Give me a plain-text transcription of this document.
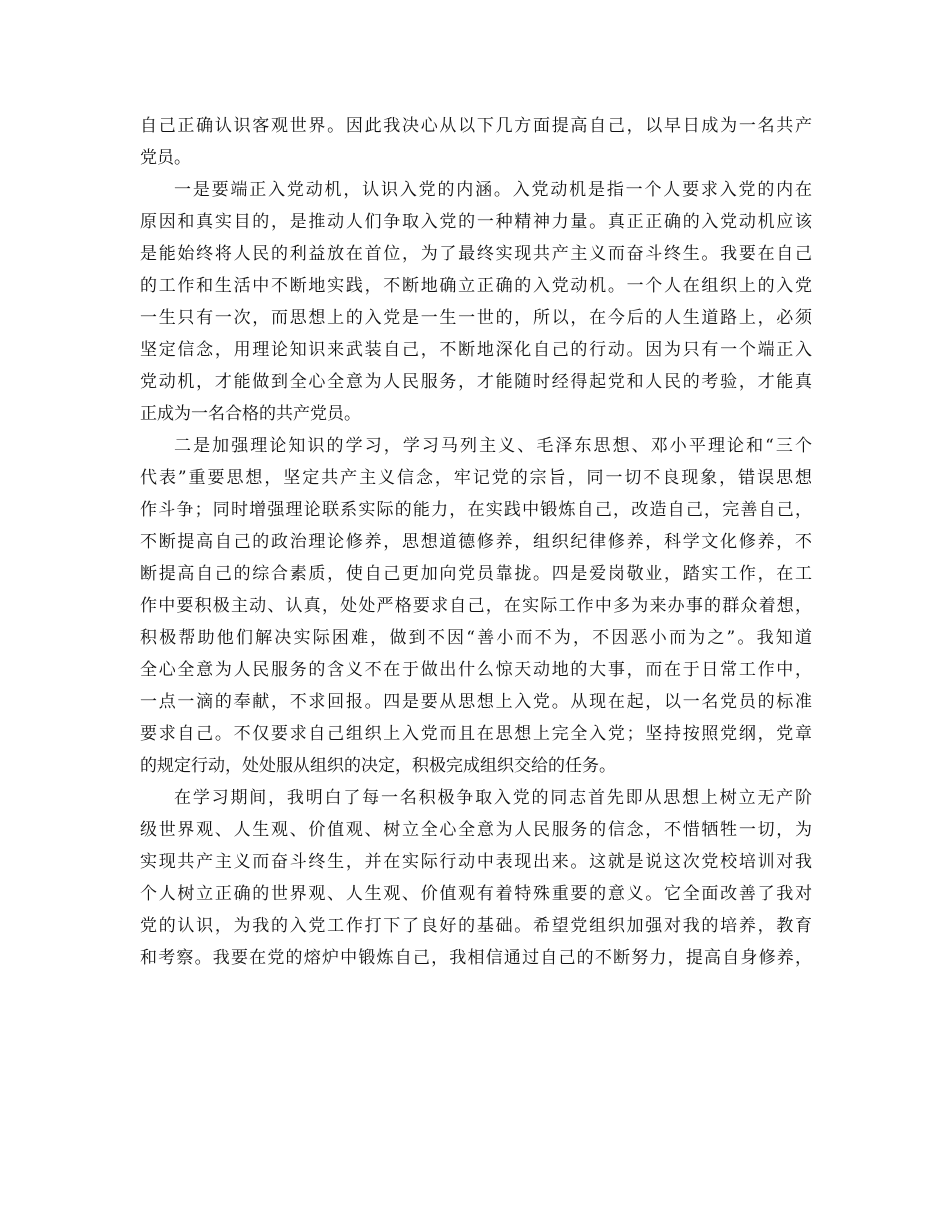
自己正确认识客观世界。因此我决心从以下几方面提高自己，以早日成为一名共产
党员。
一是要端正入党动机，认识入党的内涵。入党动机是指一个人要求入党的内在
原因和真实目的，是推动人们争取入党的一种精神力量。真正正确的入党动机应该
是能始终将人民的利益放在首位，为了最终实现共产主义而奋斗终生。我要在自己
的工作和生活中不断地实践，不断地确立正确的入党动机。一个人在组织上的入党
一生只有一次，而思想上的入党是一生一世的，所以，在今后的人生道路上，必须
坚定信念，用理论知识来武装自己，不断地深化自己的行动。因为只有一个端正入
党动机，才能做到全心全意为人民服务，才能随时经得起党和人民的考验，才能真
正成为一名合格的共产党员。
二是加强理论知识的学习，学习马列主义、毛泽东思想、邓小平理论和“三个
代表”重要思想，坚定共产主义信念，牢记党的宗旨，同一切不良现象，错误思想
作斗争；同时增强理论联系实际的能力，在实践中锻炼自己，改造自己，完善自己，
不断提高自己的政治理论修养，思想道德修养，组织纪律修养，科学文化修养，不
断提高自己的综合素质，使自己更加向党员靠拢。四是爱岗敬业，踏实工作，在工
作中要积极主动、认真，处处严格要求自己，在实际工作中多为来办事的群众着想，
积极帮助他们解决实际困难，做到不因“善小而不为，不因恶小而为之”。我知道
全心全意为人民服务的含义不在于做出什么惊天动地的大事，而在于日常工作中，
一点一滴的奉献，不求回报。四是要从思想上入党。从现在起，以一名党员的标准
要求自己。不仅要求自己组织上入党而且在思想上完全入党；坚持按照党纲，党章
的规定行动，处处服从组织的决定，积极完成组织交给的任务。
在学习期间，我明白了每一名积极争取入党的同志首先即从思想上树立无产阶
级世界观、人生观、价值观、树立全心全意为人民服务的信念，不惜牺牲一切，为
实现共产主义而奋斗终生，并在实际行动中表现出来。这就是说这次党校培训对我
个人树立正确的世界观、人生观、价值观有着特殊重要的意义。它全面改善了我对
党的认识，为我的入党工作打下了良好的基础。希望党组织加强对我的培养，教育
和考察。我要在党的熔炉中锻炼自己，我相信通过自己的不断努力，提高自身修养，
